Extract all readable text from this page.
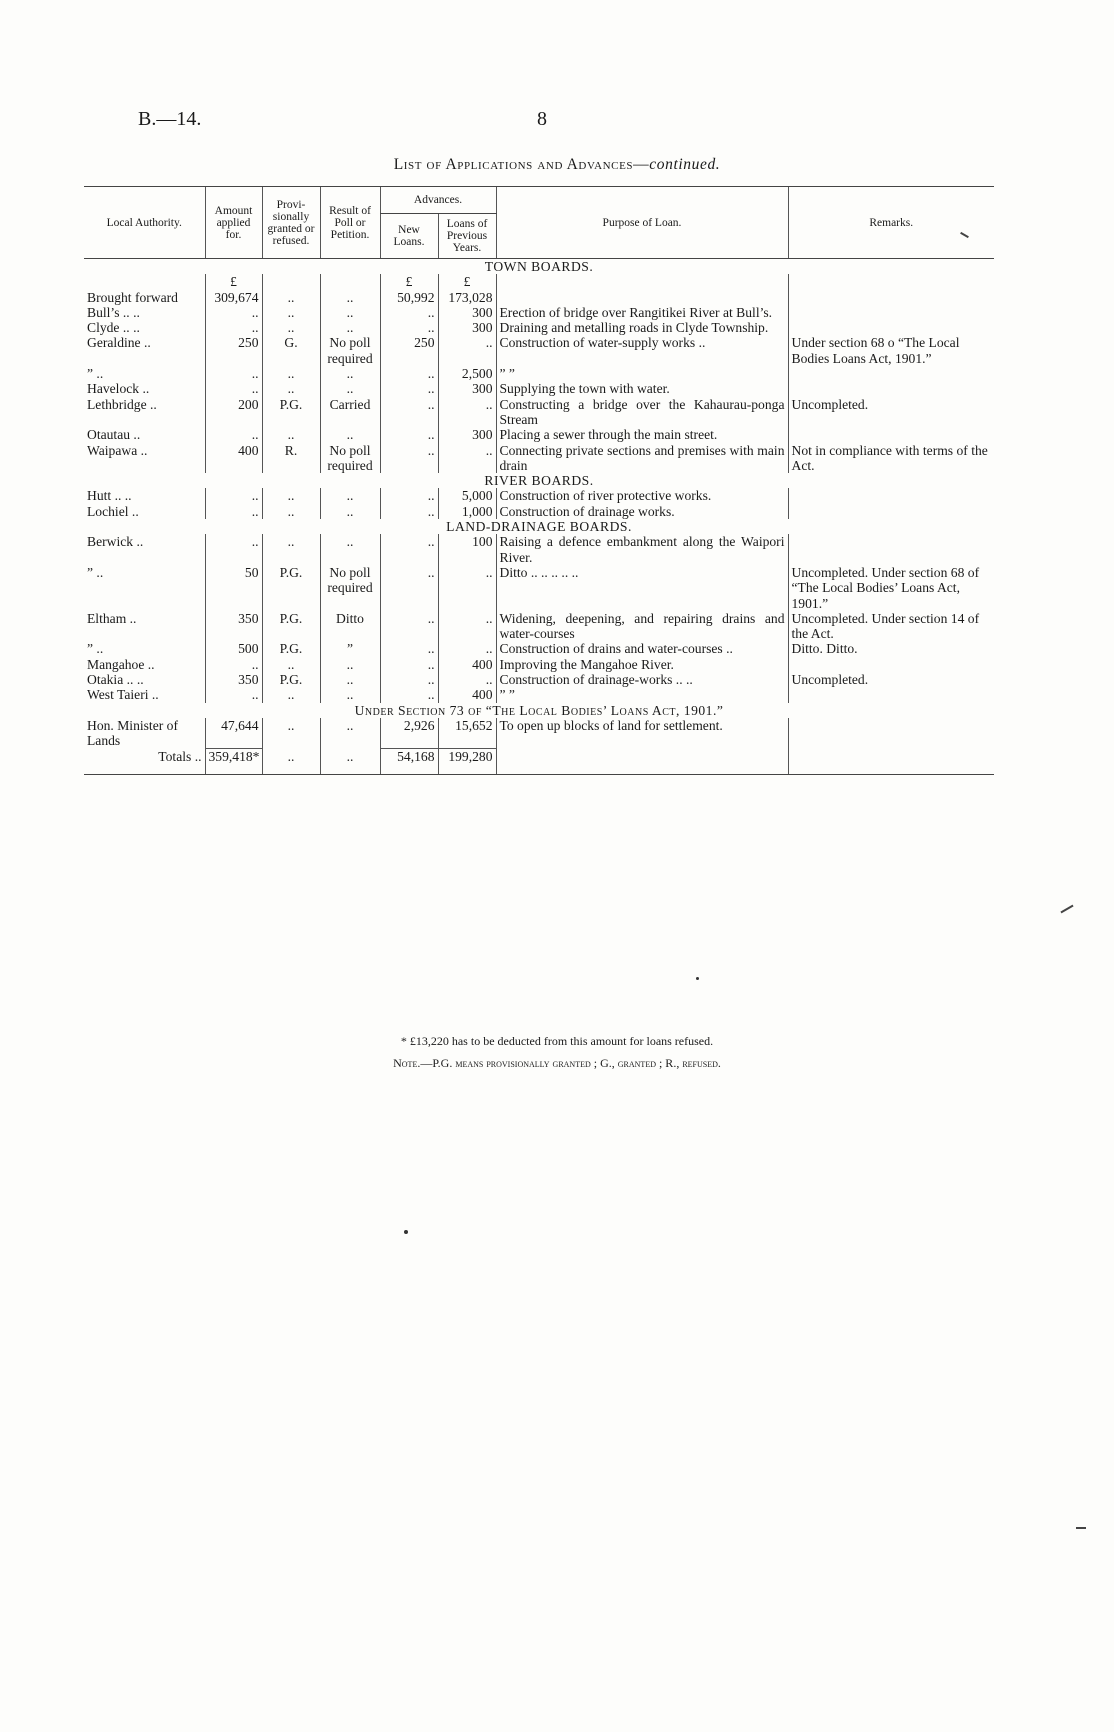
B.—14.	8
List of Applications and Advances—continued.
Local Authority.	Amount applied for.	Provi- sionally granted or refused.	Result of Poll or Petition.	Advances.		Purpose of Loan.	Remarks.
				New Loans.	Loans of Previous Years.		
TOWN BOARDS.							
	£			£	£		
Brought forward	309,674	..	..	50,992	173,028		
Bull’s .. ..	..	..	..	..	300	Erection of bridge over Rangitikei River at Bull’s.	
Clyde .. ..	..	..	..	..	300	Draining and metalling roads in Clyde Township.	
Geraldine ..	250	G.	No poll required	250	..	Construction of water-supply works ..	Under section 68 o “The Local Bodies Loans Act, 1901.”
” ..	..	..	..	..	2,500	” ”	
Havelock ..	..	..	..	..	300	Supplying the town with water.	
Lethbridge ..	200	P.G.	Carried	..	..	Constructing a bridge over the Kahaurau-ponga Stream	Uncompleted.
Otautau ..	..	..	..	..	300	Placing a sewer through the main street.	
Waipawa ..	400	R.	No poll required	..	..	Connecting private sections and premises with main drain	Not in compliance with terms of the Act.
RIVER BOARDS.							
Hutt .. ..	..	..	..	..	5,000	Construction of river protective works.	
Lochiel ..	..	..	..	..	1,000	Construction of drainage works.	
LAND-DRAINAGE BOARDS.							
Berwick ..	..	..	..	..	100	Raising a defence embankment along the Waipori River.	
” ..	50	P.G.	No poll required	..	..	Ditto .. .. .. .. ..	Uncompleted. Under section 68 of “The Local Bodies’ Loans Act, 1901.”
Eltham ..	350	P.G.	Ditto	..	..	Widening, deepening, and repairing drains and water-courses	Uncompleted. Under section 14 of the Act.
” ..	500	P.G.	”	..	..	Construction of drains and water-courses ..	Ditto. Ditto.
Mangahoe ..	..	..	..	..	400	Improving the Mangahoe River.	
Otakia .. ..	350	P.G.	..	..	..	Construction of drainage-works .. ..	Uncompleted.
West Taieri ..	..	..	..	..	400	” ”	
Under Section 73 of “The Local Bodies’ Loans Act, 1901.”							
Hon. Minister of Lands	47,644	..	..	2,926	15,652	To open up blocks of land for settlement.	
Totals ..	359,418*	..	..	54,168	199,280		

* £13,220 has to be deducted from this amount for loans refused.
Note.—P.G. means provisionally granted ; G., granted ; R., refused.
